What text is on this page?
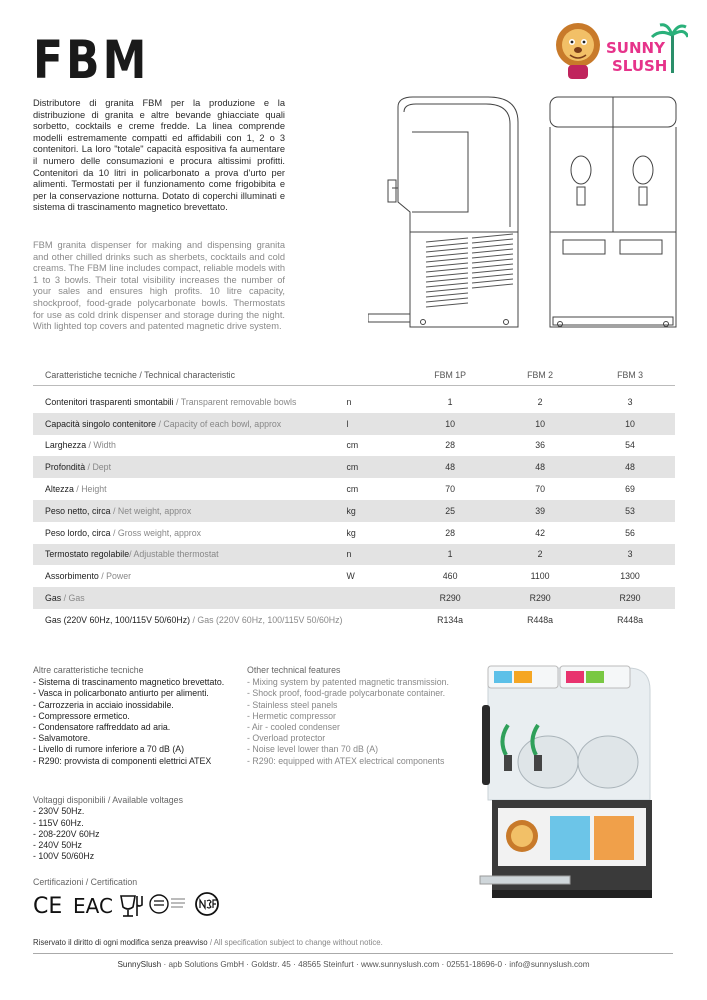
FBM	SUNNY
SLUSH

Distributore di granita FBM per la produzione e la distribuzione di granita e altre bevande ghiacciate quali sorbetto, cocktails e creme fredde. La linea comprende modelli estremamente compatti ed affidabili con 1, 2 o 3 contenitori. La loro "totale" capacità espositiva fa aumentare il numero delle consumazioni e procura altissimi profitti. Contenitori da 10 litri in policarbonato a prova d'urto per alimenti. Termostati per il funzionamento come frigobibita e per la conservazione notturna. Dotato di coperchi illuminati e sistema di trascinamento magnetico brevettato.

FBM granita dispenser for making and dispensing granita and other chilled drinks such as sherbets, cocktails and cold creams. The FBM line includes compact, reliable models with 1 to 3 bowls. Their total visibility increases the number of your sales and ensures high profits. 10 litre capacity, shockproof, food-grade polycarbonate bowls. Thermostats for use as cold drink dispenser and storage during the night. With lighted top covers and patented magnetic drive system.

Caratteristiche tecniche / Technical characteristic		FBM 1P	FBM 2	FBM 3

Contenitori trasparenti smontabili / Transparent removable bowls	n	1	2	3
Capacità singolo contenitore / Capacity of each bowl, approx	l	10	10	10
Larghezza / Width	cm	28	36	54
Profondità / Dept	cm	48	48	48
Altezza / Height	cm	70	70	69
Peso netto, circa / Net weight, approx	kg	25	39	53
Peso lordo, circa / Gross weight, approx	kg	28	42	56
Termostato regolabile/ Adjustable thermostat	n	1	2	3
Assorbimento / Power	W	460	1100	1300
Gas / Gas		R290	R290	R290
Gas (220V 60Hz, 100/115V 50/60Hz) / Gas (220V 60Hz, 100/115V 50/60Hz)		R134a	R448a	R448a
Altre caratteristiche tecniche
- Sistema di trascinamento magnetico brevettato.
- Vasca in policarbonato antiurto per alimenti.
- Carrozzeria in acciaio inossidabile.
- Compressore ermetico.
- Condensatore raffreddato ad aria.
- Salvamotore.
- Livello di rumore inferiore a 70 dB (A)
- R290: provvista di componenti elettrici ATEX
Other technical features
- Mixing system by patented magnetic transmission.
- Shock proof, food-grade polycarbonate container.
- Stainless steel panels
- Hermetic compressor
- Air - cooled condenser
- Overload protector
- Noise level lower than 70 dB (A)
- R290: equipped with ATEX electrical components
Voltaggi disponibili / Available voltages
- 230V 50Hz.
- 115V 60Hz.
- 208-220V 60Hz
- 240V 50Hz
- 100V 50/60Hz
Certificazioni / Certification
CE EAC
Riservato il diritto di ogni modifica senza preavviso / All specification subject to change without notice.
SunnySlush · apb Solutions GmbH · Goldstr. 45 · 48565 Steinfurt · www.sunnyslush.com · 02551-18696-0 · info@sunnyslush.com
